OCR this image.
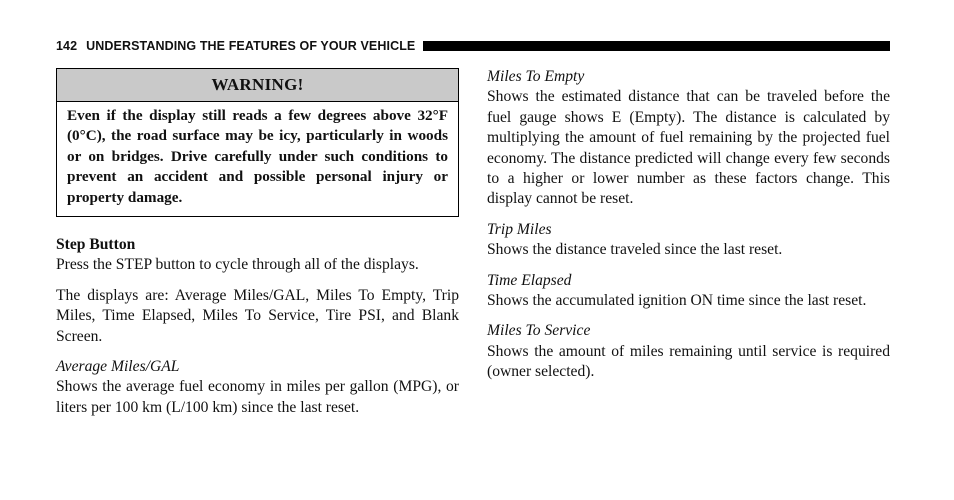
142 UNDERSTANDING THE FEATURES OF YOUR VEHICLE
WARNING!
Even if the display still reads a few degrees above 32°F (0°C), the road surface may be icy, particularly in woods or on bridges. Drive carefully under such conditions to prevent an accident and possible personal injury or property damage.
Step Button

Press the STEP button to cycle through all of the displays.

The displays are: Average Miles/GAL, Miles To Empty, Trip Miles, Time Elapsed, Miles To Service, Tire PSI, and Blank Screen.

Average Miles/GAL

Shows the average fuel economy in miles per gallon (MPG), or liters per 100 km (L/100 km) since the last reset.

Miles To Empty

Shows the estimated distance that can be traveled before the fuel gauge shows E (Empty). The distance is calculated by multiplying the amount of fuel remaining by the projected fuel economy. The distance predicted will change every few seconds to a higher or lower number as these factors change. This display cannot be reset.

Trip Miles

Shows the distance traveled since the last reset.

Time Elapsed

Shows the accumulated ignition ON time since the last reset.

Miles To Service

Shows the amount of miles remaining until service is required (owner selected).
